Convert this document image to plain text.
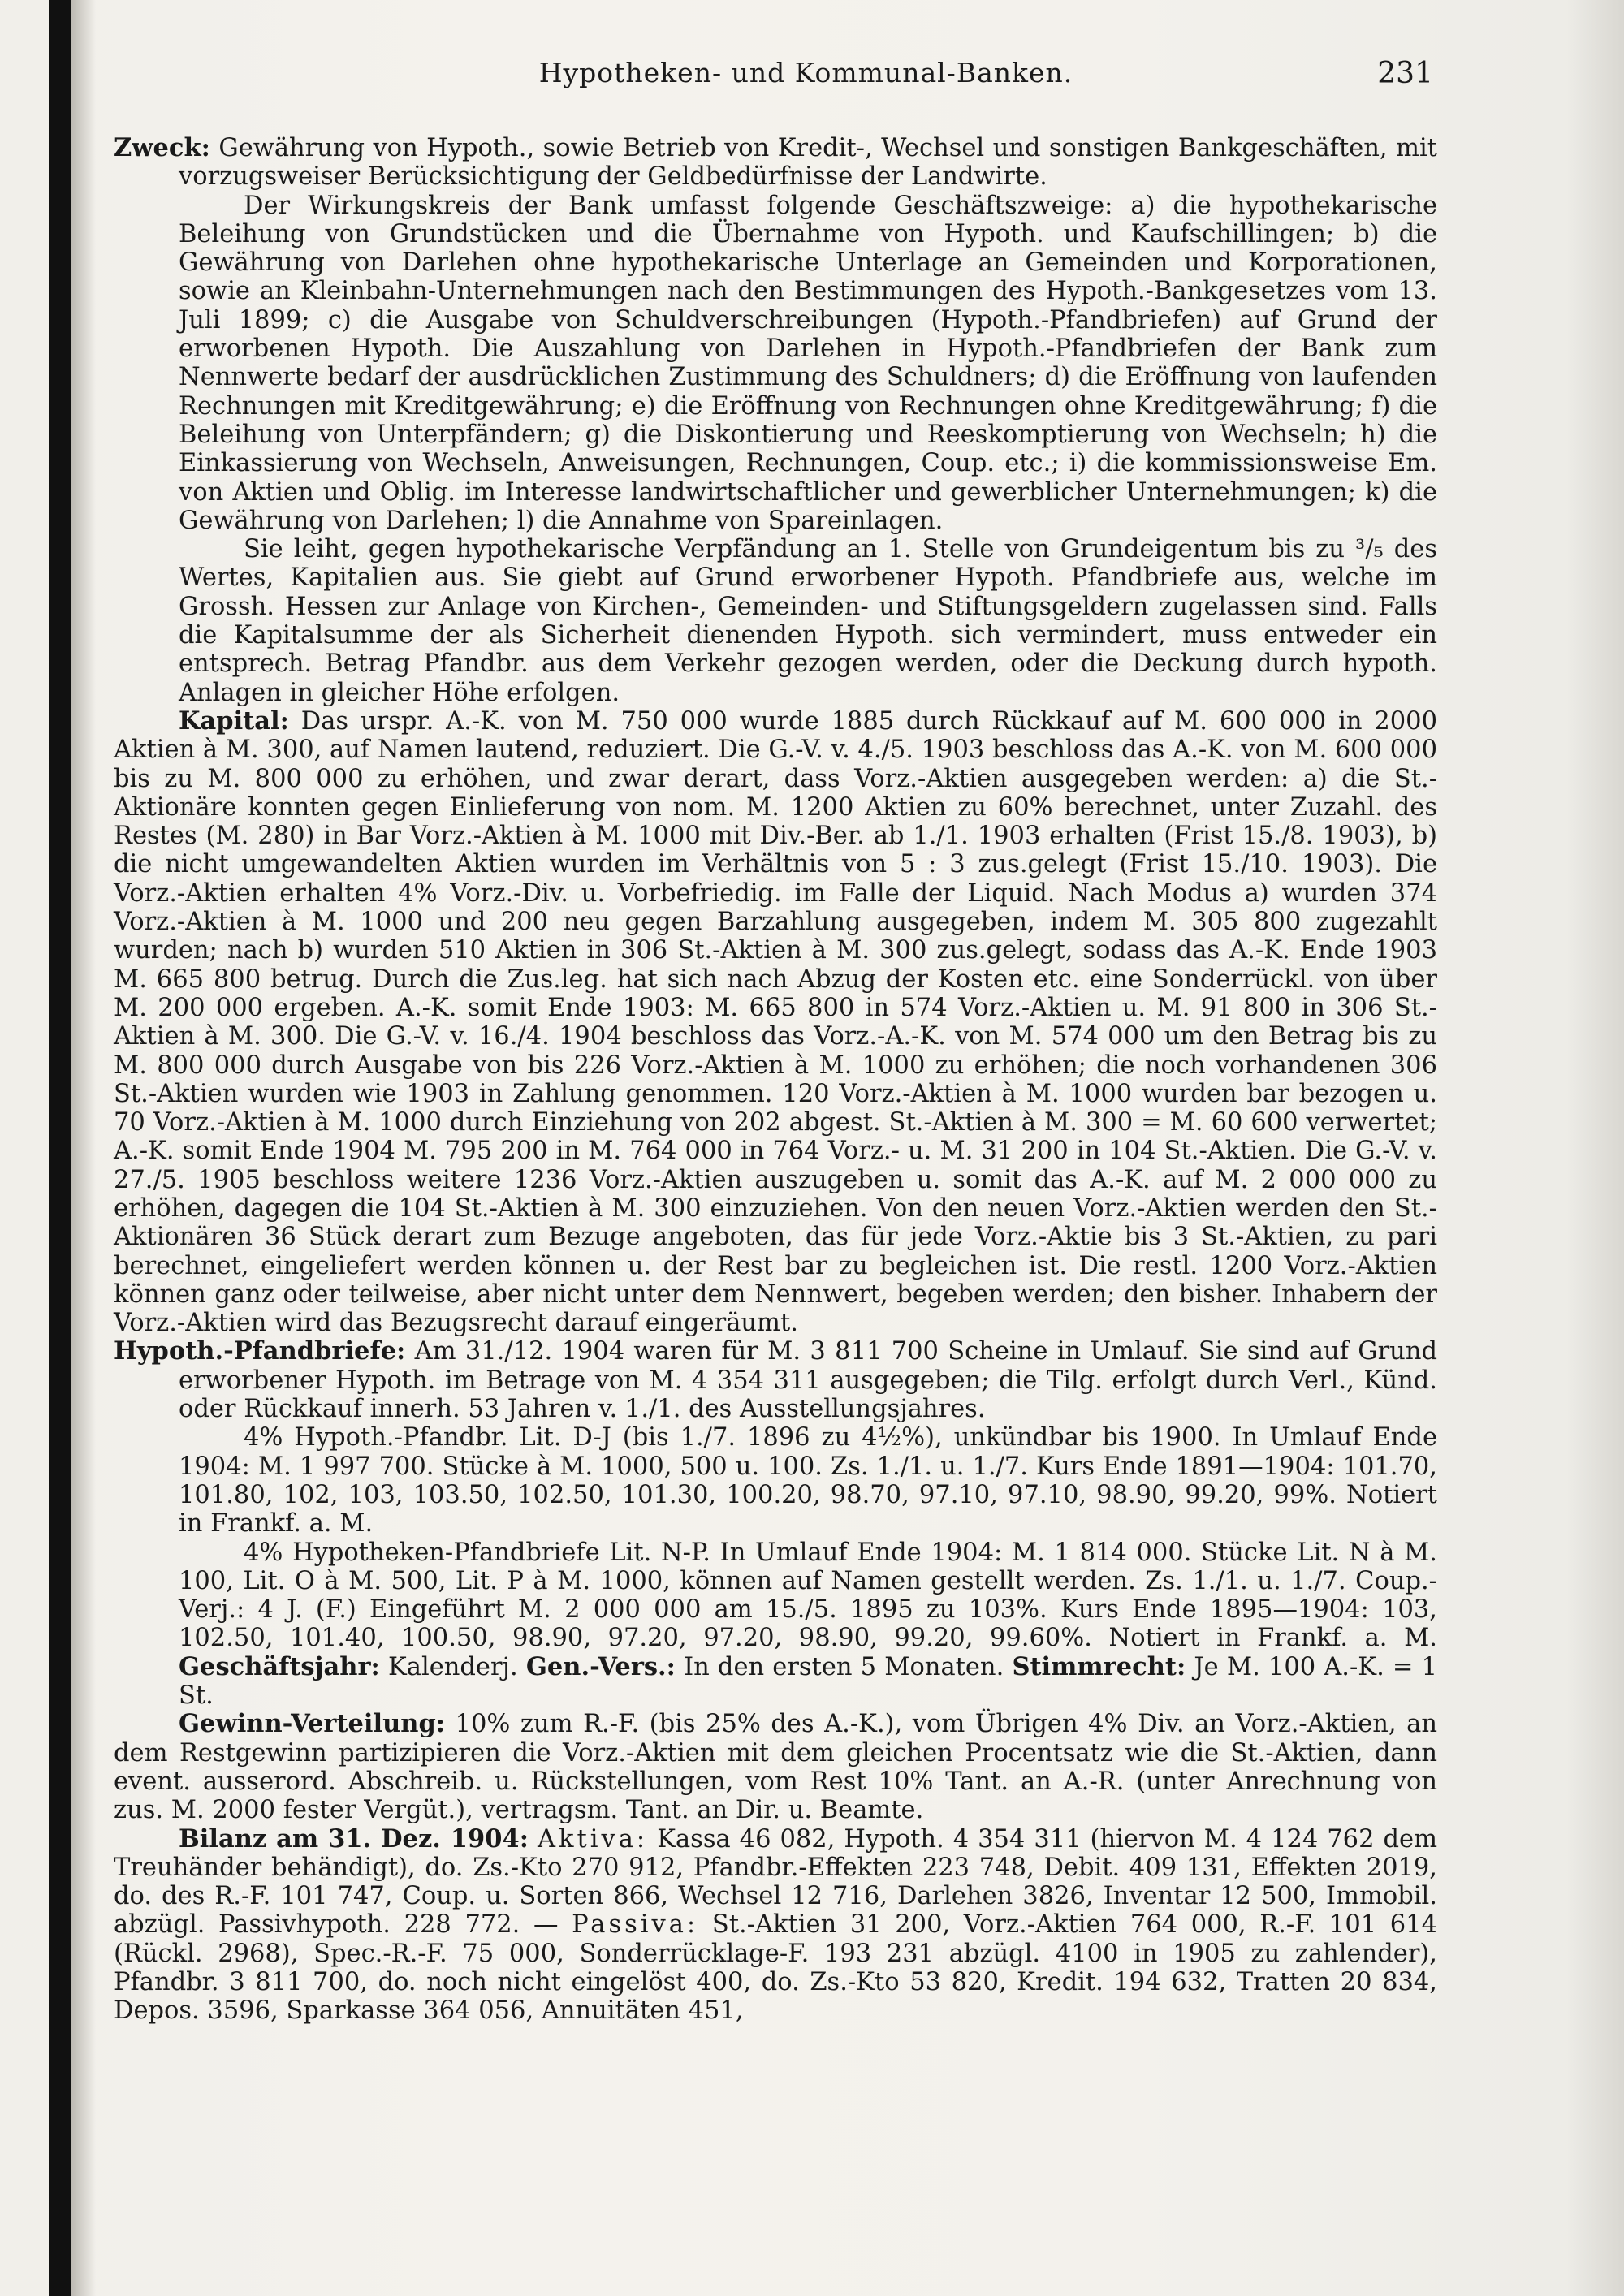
Hypotheken- und Kommunal-Banken.	231

Zweck: Gewährung von Hypoth., sowie Betrieb von Kredit-, Wechsel und sonstigen Bankgeschäften, mit vorzugsweiser Berücksichtigung der Geldbedürfnisse der Landwirte.

Der Wirkungskreis der Bank umfasst folgende Geschäftszweige: a) die hypothekarische Beleihung von Grundstücken und die Übernahme von Hypoth. und Kaufschillingen; b) die Gewährung von Darlehen ohne hypothekarische Unterlage an Gemeinden und Korporationen, sowie an Kleinbahn-Unternehmungen nach den Bestimmungen des Hypoth.-Bankgesetzes vom 13. Juli 1899; c) die Ausgabe von Schuldverschreibungen (Hypoth.-Pfandbriefen) auf Grund der erworbenen Hypoth. Die Auszahlung von Darlehen in Hypoth.-Pfandbriefen der Bank zum Nennwerte bedarf der ausdrücklichen Zustimmung des Schuldners; d) die Eröffnung von laufenden Rechnungen mit Kreditgewährung; e) die Eröffnung von Rechnungen ohne Kreditgewährung; f) die Beleihung von Unterpfändern; g) die Diskontierung und Reeskomptierung von Wechseln; h) die Einkassierung von Wechseln, Anweisungen, Rechnungen, Coup. etc.; i) die kommissionsweise Em. von Aktien und Oblig. im Interesse landwirtschaftlicher und gewerblicher Unternehmungen; k) die Gewährung von Darlehen; l) die Annahme von Spareinlagen.

Sie leiht, gegen hypothekarische Verpfändung an 1. Stelle von Grundeigentum bis zu ³/₅ des Wertes, Kapitalien aus. Sie giebt auf Grund erworbener Hypoth. Pfandbriefe aus, welche im Grossh. Hessen zur Anlage von Kirchen-, Gemeinden- und Stiftungsgeldern zugelassen sind. Falls die Kapitalsumme der als Sicherheit dienenden Hypoth. sich vermindert, muss entweder ein entsprech. Betrag Pfandbr. aus dem Verkehr gezogen werden, oder die Deckung durch hypoth. Anlagen in gleicher Höhe erfolgen.

Kapital: Das urspr. A.-K. von M. 750 000 wurde 1885 durch Rückkauf auf M. 600 000 in 2000 Aktien à M. 300, auf Namen lautend, reduziert. Die G.-V. v. 4./5. 1903 beschloss das A.-K. von M. 600 000 bis zu M. 800 000 zu erhöhen, und zwar derart, dass Vorz.-Aktien ausgegeben werden: a) die St.-Aktionäre konnten gegen Einlieferung von nom. M. 1200 Aktien zu 60% berechnet, unter Zuzahl. des Restes (M. 280) in Bar Vorz.-Aktien à M. 1000 mit Div.-Ber. ab 1./1. 1903 erhalten (Frist 15./8. 1903), b) die nicht umgewandelten Aktien wurden im Verhältnis von 5 : 3 zus.gelegt (Frist 15./10. 1903). Die Vorz.-Aktien erhalten 4% Vorz.-Div. u. Vorbefriedig. im Falle der Liquid. Nach Modus a) wurden 374 Vorz.-Aktien à M. 1000 und 200 neu gegen Barzahlung ausgegeben, indem M. 305 800 zugezahlt wurden; nach b) wurden 510 Aktien in 306 St.-Aktien à M. 300 zus.gelegt, sodass das A.-K. Ende 1903 M. 665 800 betrug. Durch die Zus.leg. hat sich nach Abzug der Kosten etc. eine Sonderrückl. von über M. 200 000 ergeben. A.-K. somit Ende 1903: M. 665 800 in 574 Vorz.-Aktien u. M. 91 800 in 306 St.-Aktien à M. 300. Die G.-V. v. 16./4. 1904 beschloss das Vorz.-A.-K. von M. 574 000 um den Betrag bis zu M. 800 000 durch Ausgabe von bis 226 Vorz.-Aktien à M. 1000 zu erhöhen; die noch vorhandenen 306 St.-Aktien wurden wie 1903 in Zahlung genommen. 120 Vorz.-Aktien à M. 1000 wurden bar bezogen u. 70 Vorz.-Aktien à M. 1000 durch Einziehung von 202 abgest. St.-Aktien à M. 300 = M. 60 600 verwertet; A.-K. somit Ende 1904 M. 795 200 in M. 764 000 in 764 Vorz.- u. M. 31 200 in 104 St.-Aktien. Die G.-V. v. 27./5. 1905 beschloss weitere 1236 Vorz.-Aktien auszugeben u. somit das A.-K. auf M. 2 000 000 zu erhöhen, dagegen die 104 St.-Aktien à M. 300 einzuziehen. Von den neuen Vorz.-Aktien werden den St.-Aktionären 36 Stück derart zum Bezuge angeboten, das für jede Vorz.-Aktie bis 3 St.-Aktien, zu pari berechnet, eingeliefert werden können u. der Rest bar zu begleichen ist. Die restl. 1200 Vorz.-Aktien können ganz oder teilweise, aber nicht unter dem Nennwert, begeben werden; den bisher. Inhabern der Vorz.-Aktien wird das Bezugsrecht darauf eingeräumt.

Hypoth.-Pfandbriefe: Am 31./12. 1904 waren für M. 3 811 700 Scheine in Umlauf. Sie sind auf Grund erworbener Hypoth. im Betrage von M. 4 354 311 ausgegeben; die Tilg. erfolgt durch Verl., Künd. oder Rückkauf innerh. 53 Jahren v. 1./1. des Ausstellungsjahres.

4% Hypoth.-Pfandbr. Lit. D-J (bis 1./7. 1896 zu 4½%), unkündbar bis 1900. In Umlauf Ende 1904: M. 1 997 700. Stücke à M. 1000, 500 u. 100. Zs. 1./1. u. 1./7. Kurs Ende 1891—1904: 101.70, 101.80, 102, 103, 103.50, 102.50, 101.30, 100.20, 98.70, 97.10, 97.10, 98.90, 99.20, 99%. Notiert in Frankf. a. M.

4% Hypotheken-Pfandbriefe Lit. N-P. In Umlauf Ende 1904: M. 1 814 000. Stücke Lit. N à M. 100, Lit. O à M. 500, Lit. P à M. 1000, können auf Namen gestellt werden. Zs. 1./1. u. 1./7. Coup.-Verj.: 4 J. (F.) Eingeführt M. 2 000 000 am 15./5. 1895 zu 103%. Kurs Ende 1895—1904: 103, 102.50, 101.40, 100.50, 98.90, 97.20, 97.20, 98.90, 99.20, 99.60%. Notiert in Frankf. a. M. Geschäftsjahr: Kalenderj. Gen.-Vers.: In den ersten 5 Monaten. Stimmrecht: Je M. 100 A.-K. = 1 St.

Gewinn-Verteilung: 10% zum R.-F. (bis 25% des A.-K.), vom Übrigen 4% Div. an Vorz.-Aktien, an dem Restgewinn partizipieren die Vorz.-Aktien mit dem gleichen Procentsatz wie die St.-Aktien, dann event. ausserord. Abschreib. u. Rückstellungen, vom Rest 10% Tant. an A.-R. (unter Anrechnung von zus. M. 2000 fester Vergüt.), vertragsm. Tant. an Dir. u. Beamte.

Bilanz am 31. Dez. 1904: Aktiva: Kassa 46 082, Hypoth. 4 354 311 (hiervon M. 4 124 762 dem Treuhänder behändigt), do. Zs.-Kto 270 912, Pfandbr.-Effekten 223 748, Debit. 409 131, Effekten 2019, do. des R.-F. 101 747, Coup. u. Sorten 866, Wechsel 12 716, Darlehen 3826, Inventar 12 500, Immobil. abzügl. Passivhypoth. 228 772. — Passiva: St.-Aktien 31 200, Vorz.-Aktien 764 000, R.-F. 101 614 (Rückl. 2968), Spec.-R.-F. 75 000, Sonderrücklage-F. 193 231 abzügl. 4100 in 1905 zu zahlender), Pfandbr. 3 811 700, do. noch nicht eingelöst 400, do. Zs.-Kto 53 820, Kredit. 194 632, Tratten 20 834, Depos. 3596, Sparkasse 364 056, Annuitäten 451,
